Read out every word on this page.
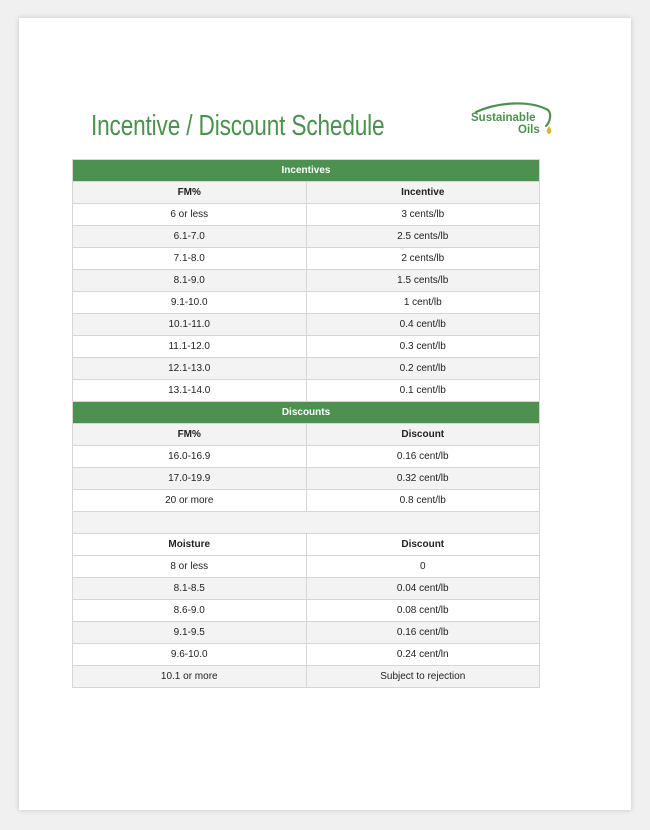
Incentive / Discount Schedule	Sustainable
Oils
Incentives	
FM%	Incentive
6 or less	3 cents/lb
6.1-7.0	2.5 cents/lb
7.1-8.0	2 cents/lb
8.1-9.0	1.5 cents/lb
9.1-10.0	1 cent/lb
10.1-11.0	0.4 cent/lb
11.1-12.0	0.3 cent/lb
12.1-13.0	0.2 cent/lb
13.1-14.0	0.1 cent/lb
Discounts	
FM%	Discount
16.0-16.9	0.16 cent/lb
17.0-19.9	0.32 cent/lb
20 or more	0.8 cent/lb

Moisture	Discount
8 or less	0
8.1-8.5	0.04 cent/lb
8.6-9.0	0.08 cent/lb
9.1-9.5	0.16 cent/lb
9.6-10.0	0.24 cent/ln
10.1 or more	Subject to rejection
